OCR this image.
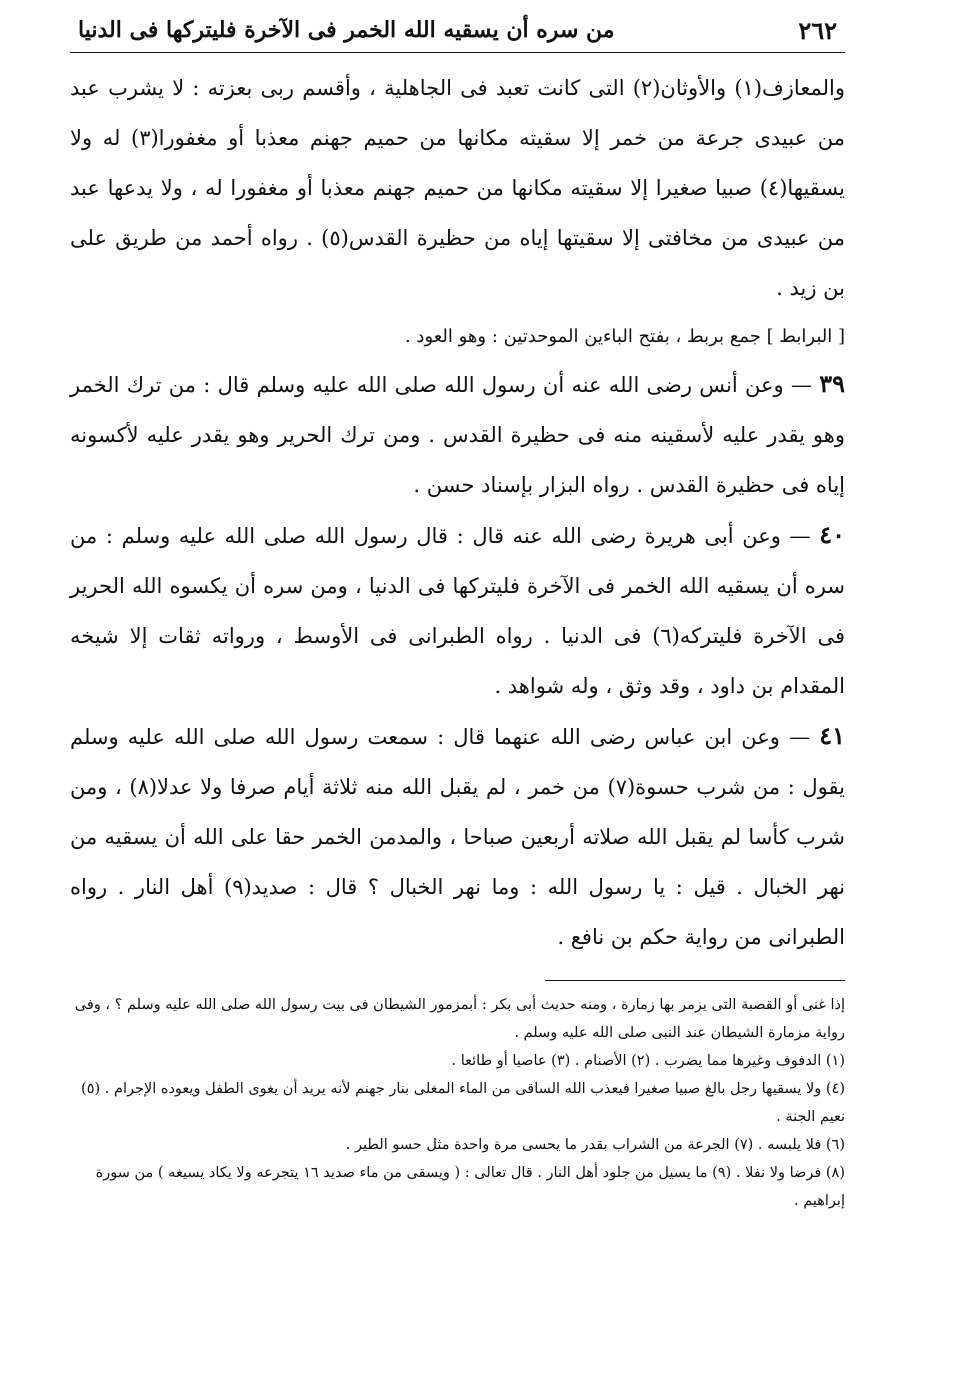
٢٦٢
من سره أن يسقيه الله الخمر فى الآخرة فليتركها فى الدنيا

والمعازف(١) والأوثان(٢) التى كانت تعبد فى الجاهلية ، وأقسم ربى بعزته : لا يشرب عبد من عبيدى جرعة من خمر إلا سقيته مكانها من حميم جهنم معذبا أو مغفورا(٣) له ولا يسقيها(٤) صبيا صغيرا إلا سقيته مكانها من حميم جهنم معذبا أو مغفورا له ، ولا يدعها عبد من عبيدى من مخافتى إلا سقيتها إياه من حظيرة القدس(٥) . رواه أحمد من طريق على بن زيد .

[ البرابط ] جمع بربط ، بفتح الباءين الموحدتين : وهو العود .

٣٩ — وعن أنس رضى الله عنه أن رسول الله صلى الله عليه وسلم قال : من ترك الخمر وهو يقدر عليه لأسقينه منه فى حظيرة القدس . ومن ترك الحرير وهو يقدر عليه لأكسونه إياه فى حظيرة القدس . رواه البزار بإسناد حسن .

٤٠ — وعن أبى هريرة رضى الله عنه قال : قال رسول الله صلى الله عليه وسلم : من سره أن يسقيه الله الخمر فى الآخرة فليتركها فى الدنيا ، ومن سره أن يكسوه الله الحرير فى الآخرة فليتركه(٦) فى الدنيا . رواه الطبرانى فى الأوسط ، ورواته ثقات إلا شيخه المقدام بن داود ، وقد وثق ، وله شواهد .

٤١ — وعن ابن عباس رضى الله عنهما قال : سمعت رسول الله صلى الله عليه وسلم يقول : من شرب حسوة(٧) من خمر ، لم يقبل الله منه ثلاثة أيام صرفا ولا عدلا(٨) ، ومن شرب كأسا لم يقبل الله صلاته أربعين صباحا ، والمدمن الخمر حقا على الله أن يسقيه من نهر الخبال . قيل : يا رسول الله : وما نهر الخبال ؟ قال : صديد(٩) أهل النار . رواه الطبرانى من رواية حكم بن نافع .

إذا غنى أو القصبة التى يزمر بها زمارة ، ومنه حديث أبى بكر : أبمزمور الشيطان فى بيت رسول الله صلى الله عليه وسلم ؟ ، وفى رواية مزمارة الشيطان عند النبى صلى الله عليه وسلم .

(١) الدفوف وغيرها مما يضرب . (٢) الأصنام . (٣) عاصيا أو طائعا .

(٤) ولا يسقيها رجل بالغ صبيا صغيرا فيعذب الله الساقى من الماء المغلى بنار جهنم لأنه يريد أن يغوى الطفل ويعوده الإجرام . (٥) نعيم الجنة .

(٦) فلا يلبسه . (٧) الجرعة من الشراب بقدر ما يحسى مرة واحدة مثل حسو الطير .

(٨) فرضا ولا نفلا . (٩) ما يسيل من جلود أهل النار . قال تعالى : ( ويسقى من ماء صديد ١٦ يتجرعه ولا يكاد يسيغه ) من سورة إبراهيم .
